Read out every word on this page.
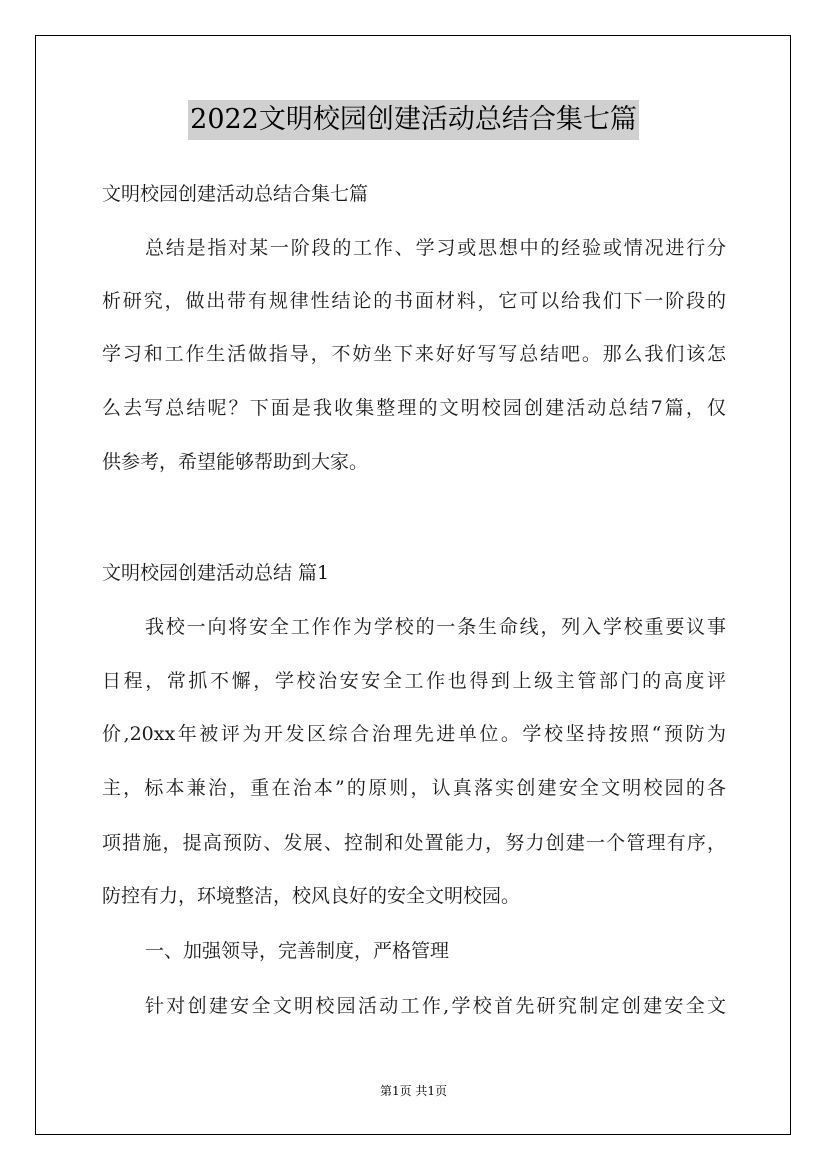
2022文明校园创建活动总结合集七篇
文明校园创建活动总结合集七篇
总结是指对某一阶段的工作、学习或思想中的经验或情况进行分
析研究，做出带有规律性结论的书面材料，它可以给我们下一阶段的
学习和工作生活做指导，不妨坐下来好好写写总结吧。那么我们该怎
么去写总结呢？下面是我收集整理的文明校园创建活动总结7篇，仅
供参考，希望能够帮助到大家。
文明校园创建活动总结 篇1
我校一向将安全工作作为学校的一条生命线，列入学校重要议事
日程，常抓不懈，学校治安安全工作也得到上级主管部门的高度评
价,20xx年被评为开发区综合治理先进单位。学校坚持按照“预防为
主，标本兼治，重在治本”的原则，认真落实创建安全文明校园的各
项措施，提高预防、发展、控制和处置能力，努力创建一个管理有序，
防控有力，环境整洁，校风良好的安全文明校园。
一、加强领导，完善制度，严格管理
针对创建安全文明校园活动工作,学校首先研究制定创建安全文
第1页 共1页
